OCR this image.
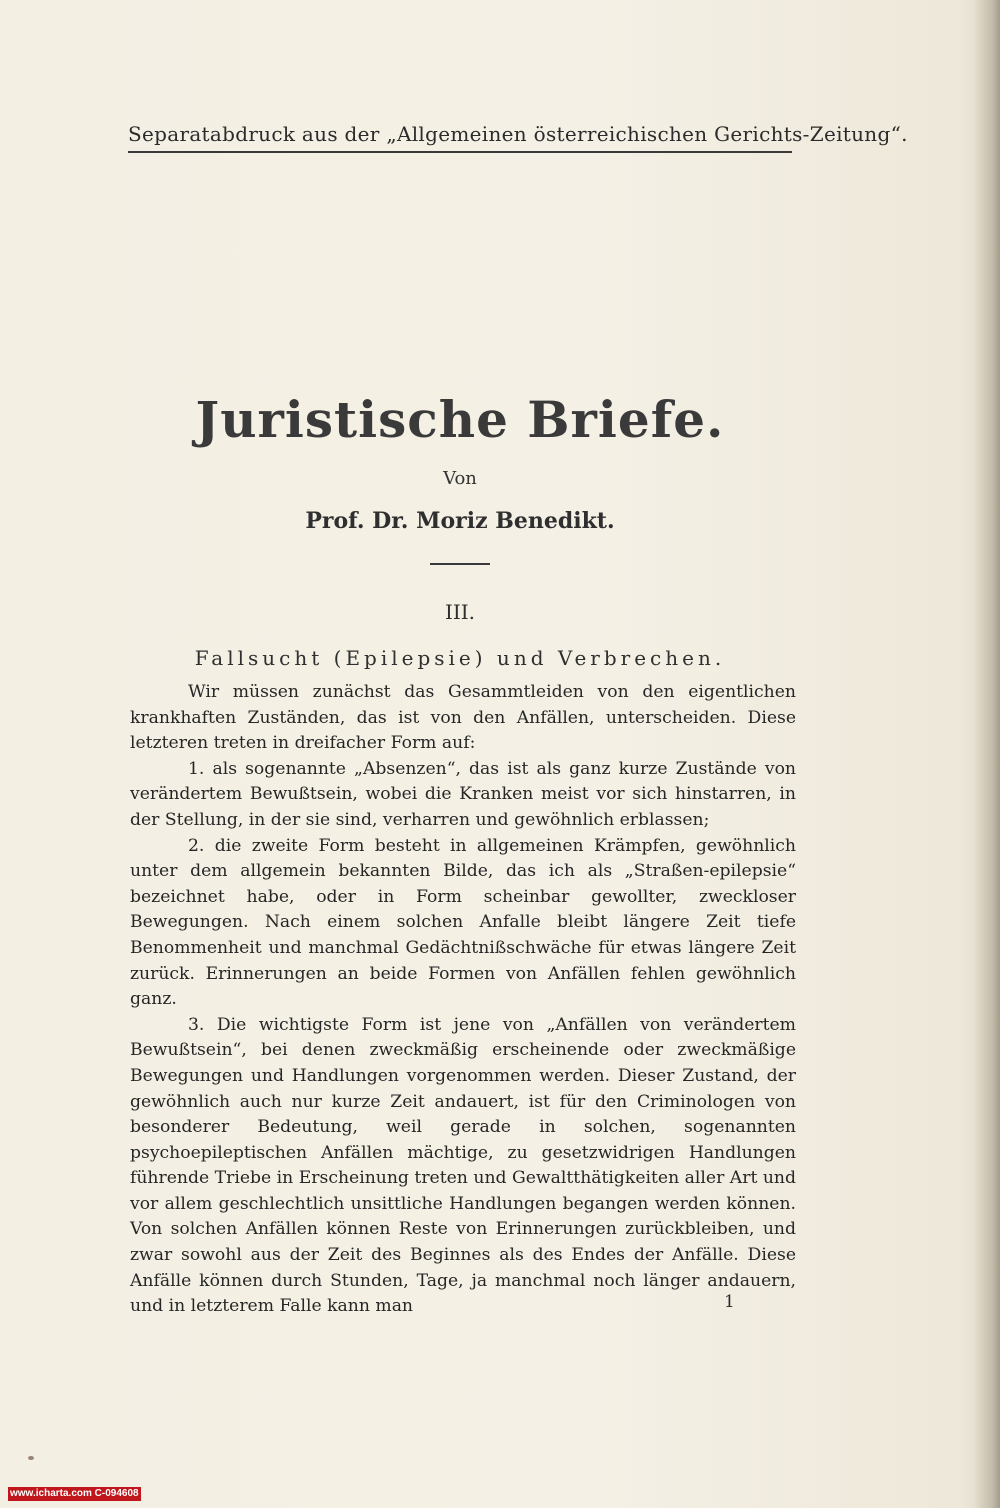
Separatabdruck aus der „Allgemeinen österreichischen Gerichts-Zeitung“.
Juristische Briefe.
Von
Prof. Dr. Moriz Benedikt.
III.
Fallsucht (Epilepsie) und Verbrechen.

Wir müssen zunächst das Gesammtleiden von den eigentlichen krankhaften Zuständen, das ist von den Anfällen, unterscheiden. Diese letzteren treten in dreifacher Form auf:

1. als sogenannte „Absenzen“, das ist als ganz kurze Zustände von verändertem Bewußtsein, wobei die Kranken meist vor sich hinstarren, in der Stellung, in der sie sind, verharren und gewöhnlich erblassen;

2. die zweite Form besteht in allgemeinen Krämpfen, gewöhnlich unter dem allgemein bekannten Bilde, das ich als „Straßen-epilepsie“ bezeichnet habe, oder in Form scheinbar gewollter, zweckloser Bewegungen. Nach einem solchen Anfalle bleibt längere Zeit tiefe Benommenheit und manchmal Gedächtnißschwäche für etwas längere Zeit zurück. Erinnerungen an beide Formen von Anfällen fehlen gewöhnlich ganz.

3. Die wichtigste Form ist jene von „Anfällen von verändertem Bewußtsein“, bei denen zweckmäßig erscheinende oder zweckmäßige Bewegungen und Handlungen vorgenommen werden. Dieser Zustand, der gewöhnlich auch nur kurze Zeit andauert, ist für den Criminologen von besonderer Bedeutung, weil gerade in solchen, sogenannten psychoepileptischen Anfällen mächtige, zu gesetzwidrigen Handlungen führende Triebe in Erscheinung treten und Gewaltthätigkeiten aller Art und vor allem geschlechtlich unsittliche Handlungen begangen werden können. Von solchen Anfällen können Reste von Erinnerungen zurückbleiben, und zwar sowohl aus der Zeit des Beginnes als des Endes der Anfälle. Diese Anfälle können durch Stunden, Tage, ja manchmal noch länger andauern, und in letzterem Falle kann man	1
www.icharta.com C-094608
